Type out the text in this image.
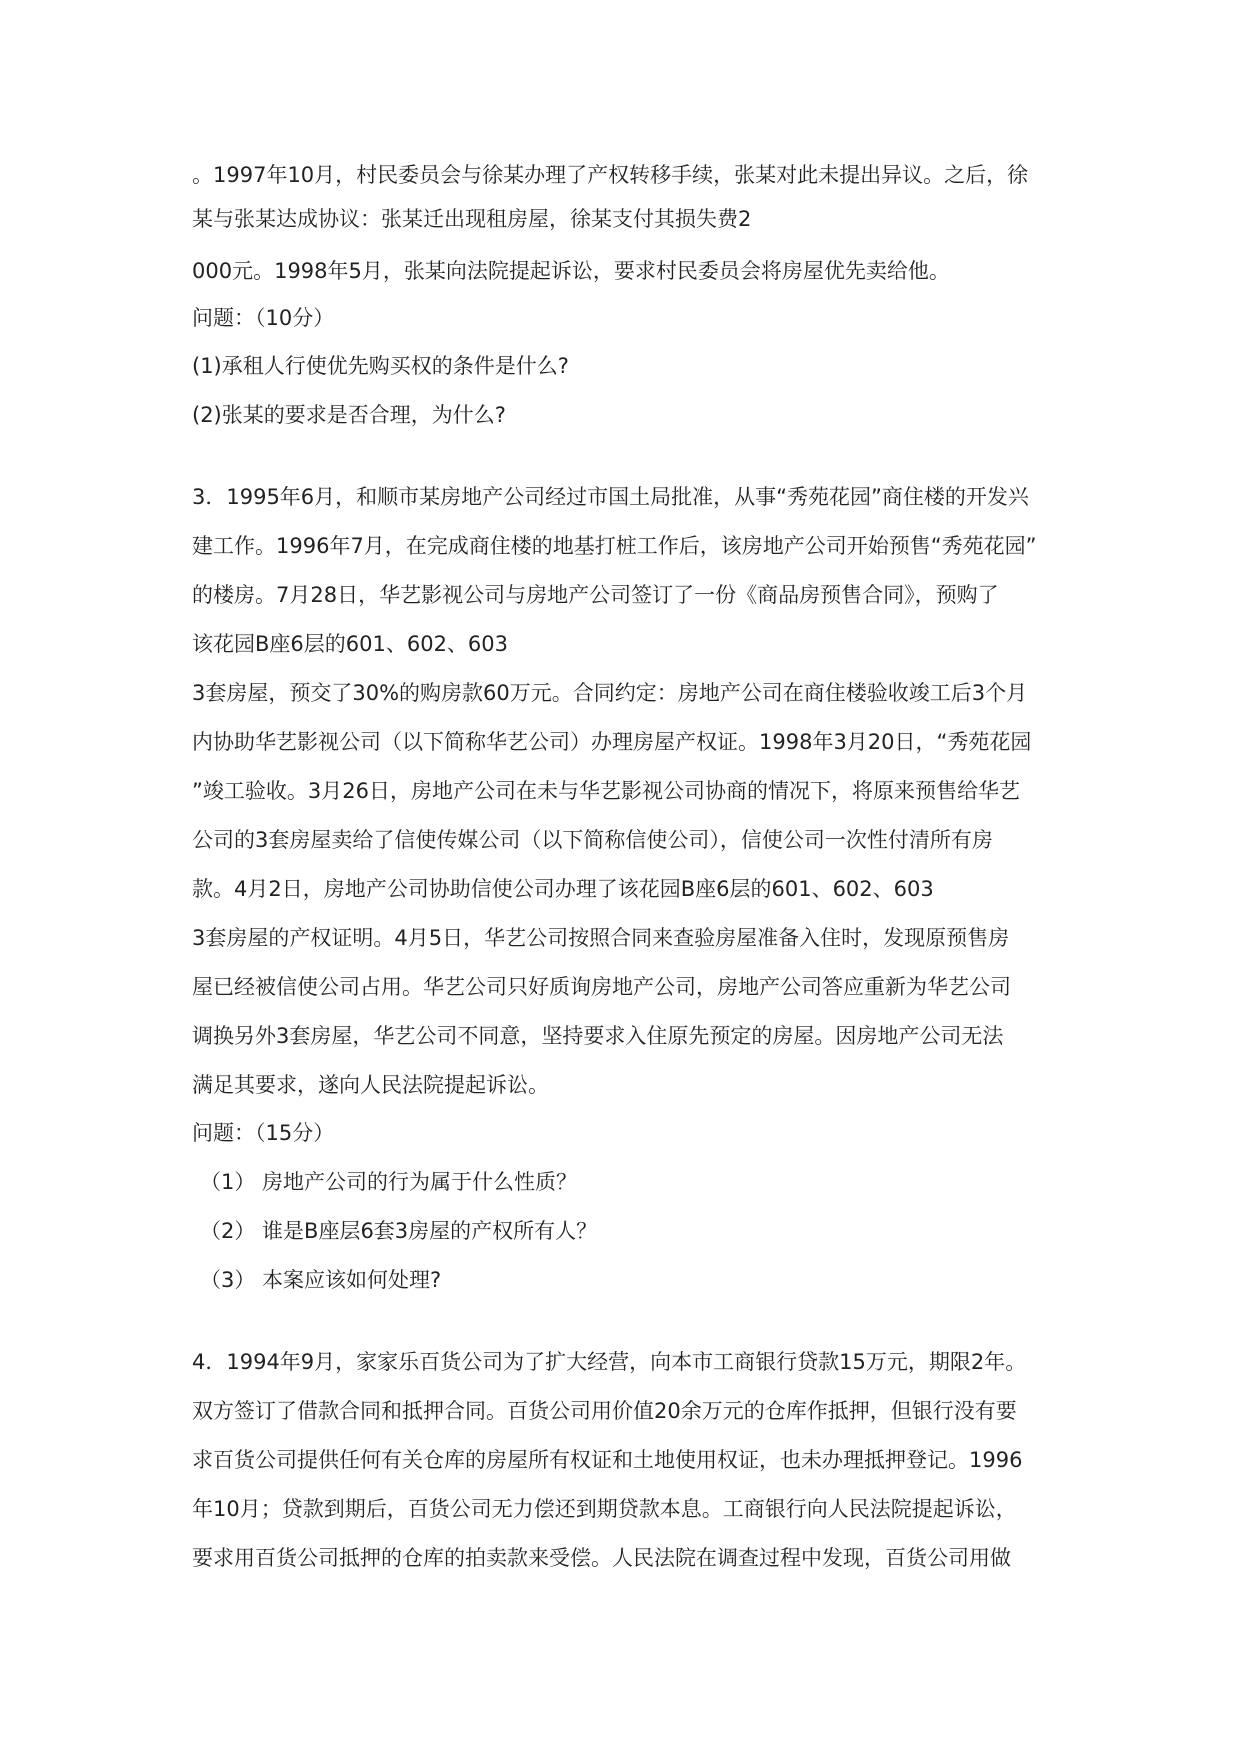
。1997年10月，村民委员会与徐某办理了产权转移手续，张某对此未提出异议。之后，徐

某与张某达成协议：张某迁出现租房屋，徐某支付其损失费2

000元。1998年5月，张某向法院提起诉讼，要求村民委员会将房屋优先卖给他。

问题：（10分）

(1)承租人行使优先购买权的条件是什么?

(2)张某的要求是否合理，为什么?

3．1995年6月，和顺市某房地产公司经过市国土局批准，从事“秀苑花园”商住楼的开发兴

建工作。1996年7月，在完成商住楼的地基打桩工作后，该房地产公司开始预售“秀苑花园”

的楼房。7月28日，华艺影视公司与房地产公司签订了一份《商品房预售合同》，预购了

该花园B座6层的601、602、603

3套房屋，预交了30%的购房款60万元。合同约定：房地产公司在商住楼验收竣工后3个月

内协助华艺影视公司（以下简称华艺公司）办理房屋产权证。1998年3月20日，“秀苑花园

”竣工验收。3月26日，房地产公司在未与华艺影视公司协商的情况下，将原来预售给华艺

公司的3套房屋卖给了信使传媒公司（以下简称信使公司），信使公司一次性付清所有房

款。4月2日，房地产公司协助信使公司办理了该花园B座6层的601、602、603

3套房屋的产权证明。4月5日，华艺公司按照合同来查验房屋准备入住时，发现原预售房

屋已经被信使公司占用。华艺公司只好质询房地产公司，房地产公司答应重新为华艺公司

调换另外3套房屋，华艺公司不同意，坚持要求入住原先预定的房屋。因房地产公司无法

满足其要求，遂向人民法院提起诉讼。

问题：（15分）

（1） 房地产公司的行为属于什么性质？

（2） 谁是B座层6套3房屋的产权所有人？

（3） 本案应该如何处理?

4．1994年9月，家家乐百货公司为了扩大经营，向本市工商银行贷款15万元，期限2年。

双方签订了借款合同和抵押合同。百货公司用价值20余万元的仓库作抵押，但银行没有要

求百货公司提供任何有关仓库的房屋所有权证和土地使用权证，也未办理抵押登记。1996

年10月；贷款到期后，百货公司无力偿还到期贷款本息。工商银行向人民法院提起诉讼，

要求用百货公司抵押的仓库的拍卖款来受偿。人民法院在调查过程中发现，百货公司用做
